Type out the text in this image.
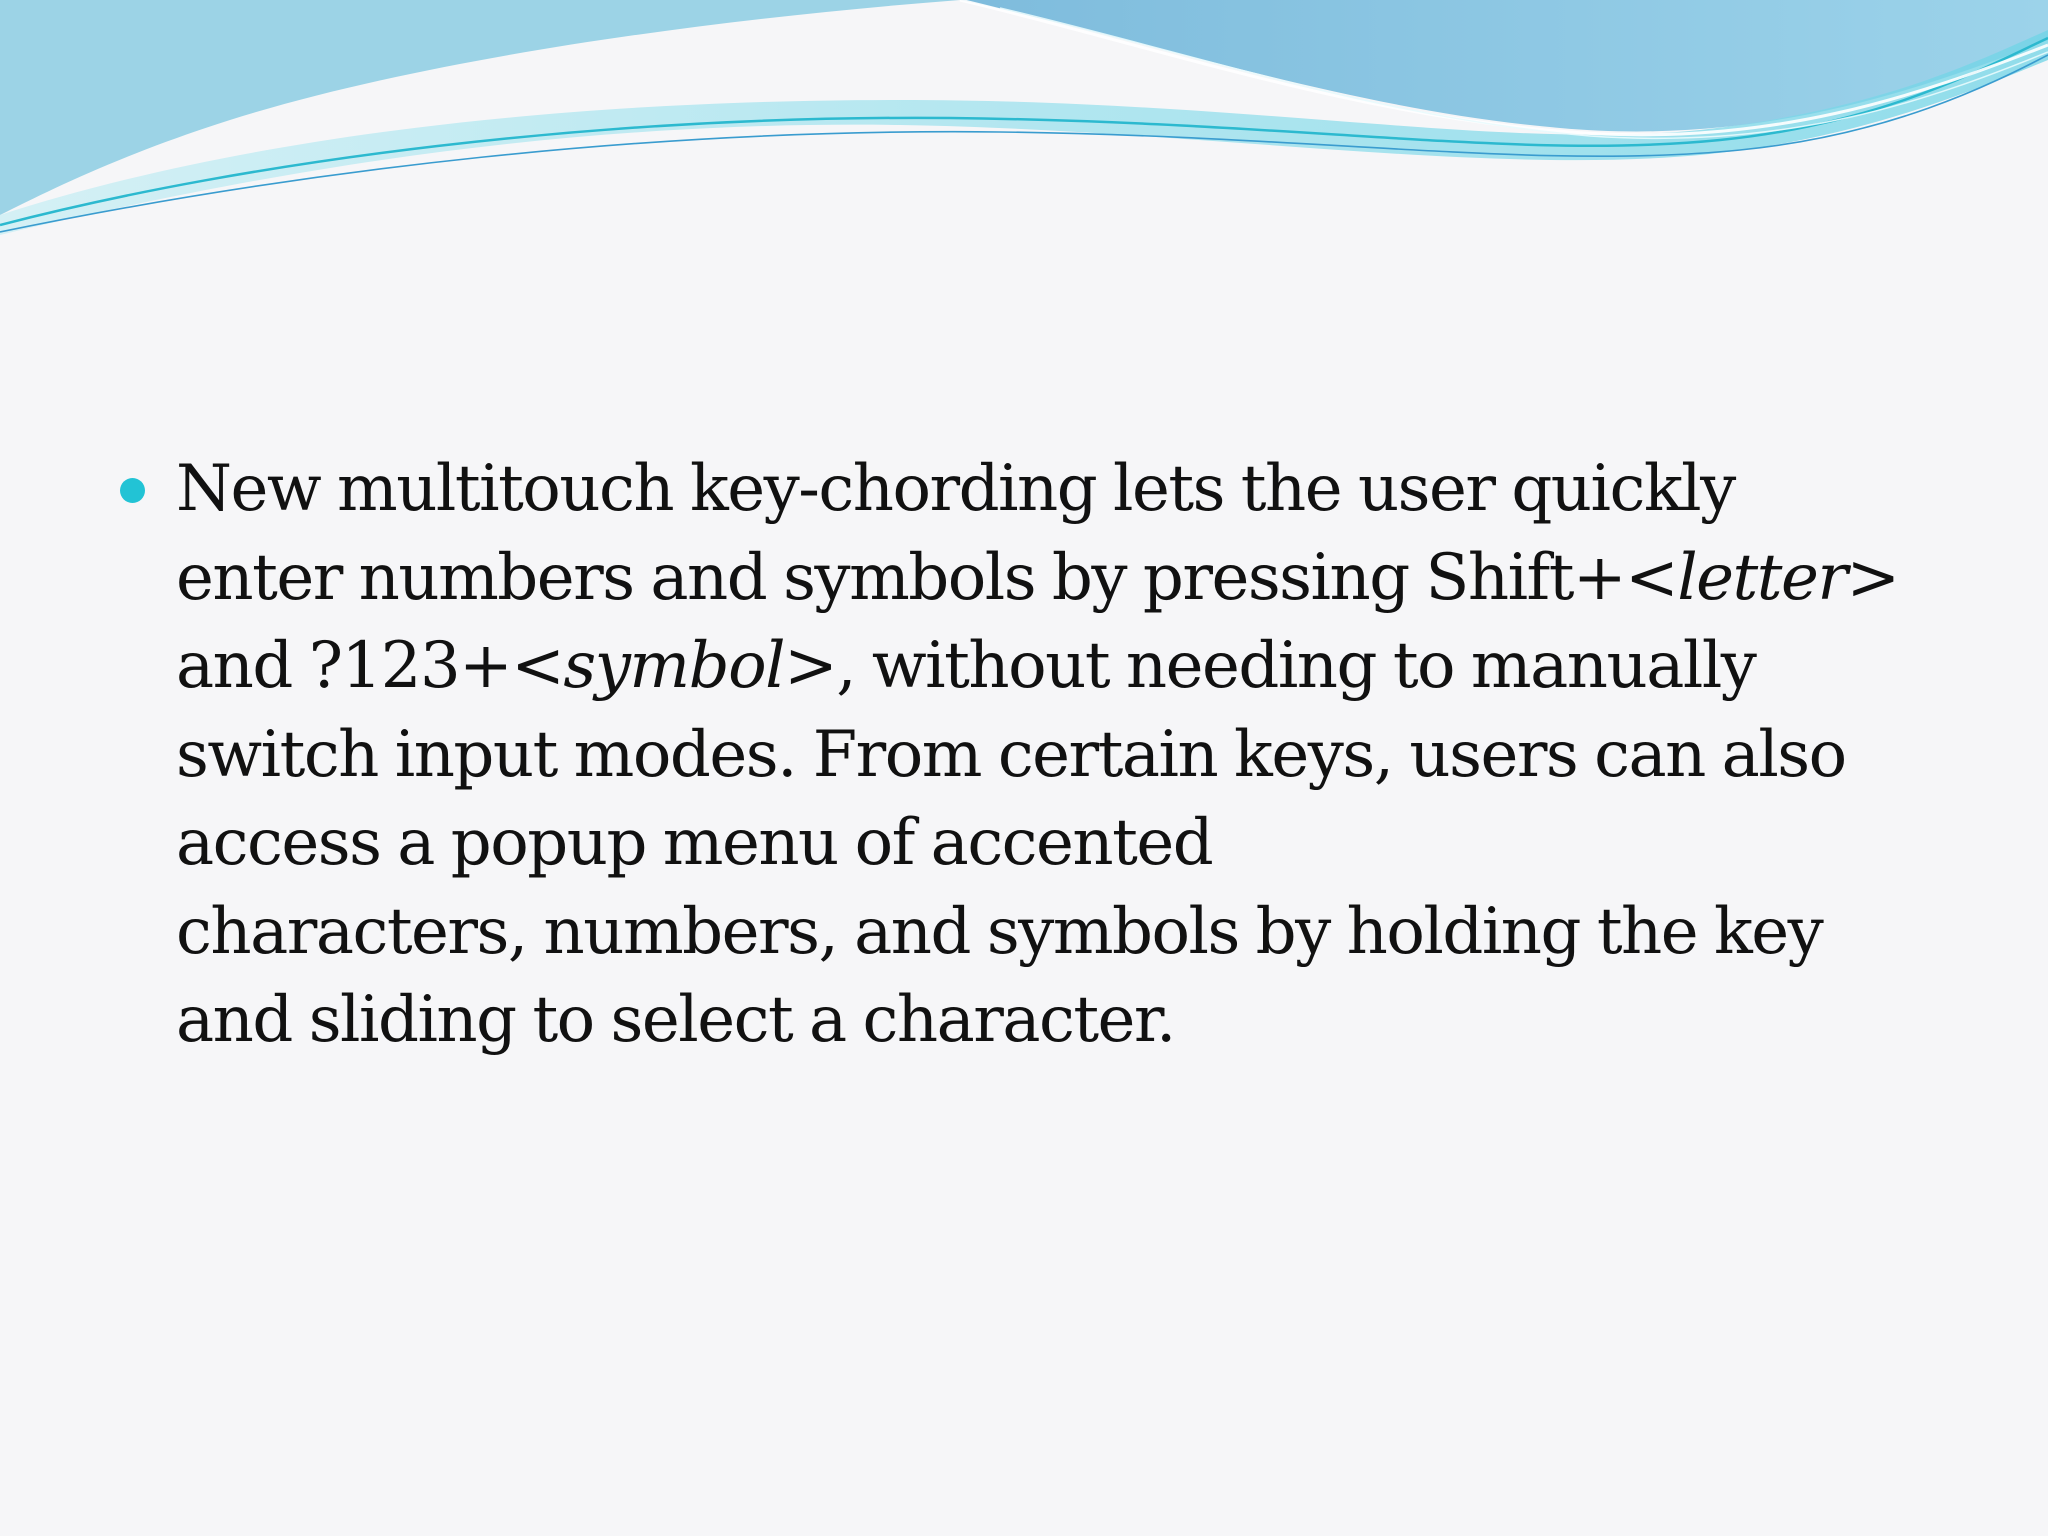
New multitouch key-chording lets the user quickly
enter numbers and symbols by pressing Shift+<letter>
and ?123+<symbol>, without needing to manually
switch input modes. From certain keys, users can also
access a popup menu of accented
characters, numbers, and symbols by holding the key
and sliding to select a character.
